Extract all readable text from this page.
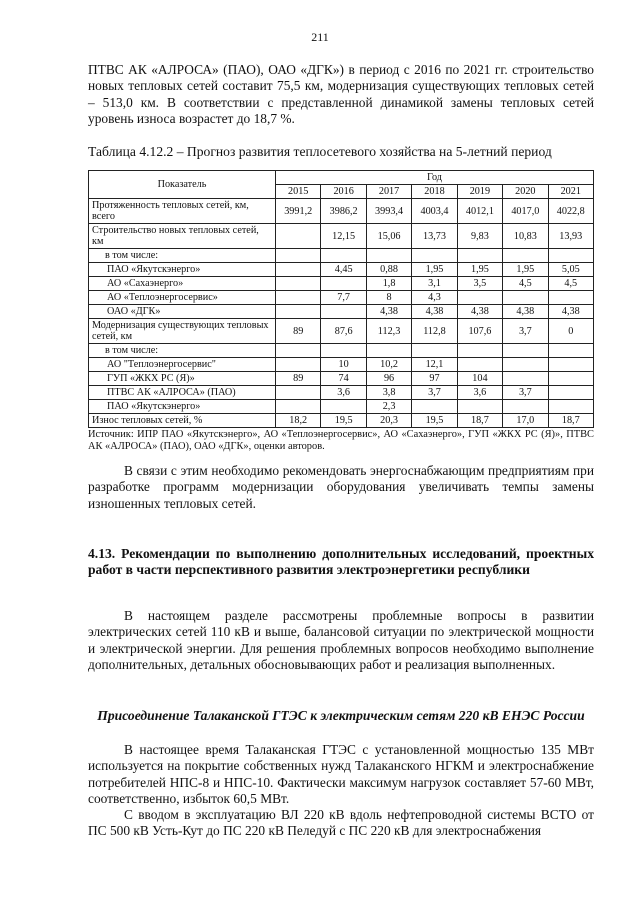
211

ПТВС АК «АЛРОСА» (ПАО), ОАО «ДГК») в период с 2016 по 2021 гг. строительство новых тепловых сетей составит 75,5 км, модернизация существующих тепловых сетей – 513,0 км. В соответствии с представленной динамикой замены тепловых сетей уровень износа возрастет до 18,7 %.

Таблица 4.12.2 – Прогноз развития теплосетевого хозяйства на 5-летний период
Показатель	Год						
	2015	2016	2017	2018	2019	2020	2021
Протяженность тепловых сетей, км, всего	3991,2	3986,2	3993,4	4003,4	4012,1	4017,0	4022,8
Строительство новых тепловых сетей, км		12,15	15,06	13,73	9,83	10,83	13,93
в том числе:							
ПАО «Якутскэнерго»		4,45	0,88	1,95	1,95	1,95	5,05
АО «Сахаэнерго»			1,8	3,1	3,5	4,5	4,5
АО «Теплоэнергосервис»		7,7	8	4,3			
ОАО «ДГК»			4,38	4,38	4,38	4,38	4,38
Модернизация существующих тепловых сетей, км	89	87,6	112,3	112,8	107,6	3,7	0
в том числе:							
АО "Теплоэнергосервис"		10	10,2	12,1			
ГУП «ЖКХ РС (Я)»	89	74	96	97	104		
ПТВС АК «АЛРОСА» (ПАО)		3,6	3,8	3,7	3,6	3,7	
ПАО «Якутскэнерго»			2,3				
Износ тепловых сетей, %	18,2	19,5	20,3	19,5	18,7	17,0	18,7
Источник: ИПР ПАО «Якутскэнерго», АО «Теплоэнергосервис», АО «Сахаэнерго», ГУП «ЖКХ РС (Я)», ПТВС АК «АЛРОСА» (ПАО), ОАО «ДГК», оценки авторов.

В связи с этим необходимо рекомендовать энергоснабжающим предприятиям при разработке программ модернизации оборудования увеличивать темпы замены изношенных тепловых сетей.

4.13. Рекомендации по выполнению дополнительных исследований, проектных работ в части перспективного развития электроэнергетики республики

В настоящем разделе рассмотрены проблемные вопросы в развитии электрических сетей 110 кВ и выше, балансовой ситуации по электрической мощности и электрической энергии. Для решения проблемных вопросов необходимо выполнение дополнительных, детальных обосновывающих работ и реализация выполненных.

Присоединение Талаканской ГТЭС к электрическим сетям 220 кВ ЕНЭС России

В настоящее время Талаканская ГТЭС с установленной мощностью 135 МВт используется на покрытие собственных нужд Талаканского НГКМ и электроснабжение потребителей НПС-8 и НПС-10. Фактически максимум нагрузок составляет 57-60 МВт, соответственно, избыток 60,5 МВт.

С вводом в эксплуатацию ВЛ 220 кВ вдоль нефтепроводной системы ВСТО от ПС 500 кВ Усть-Кут до ПС 220 кВ Пеледуй с ПС 220 кВ для электроснабжения
